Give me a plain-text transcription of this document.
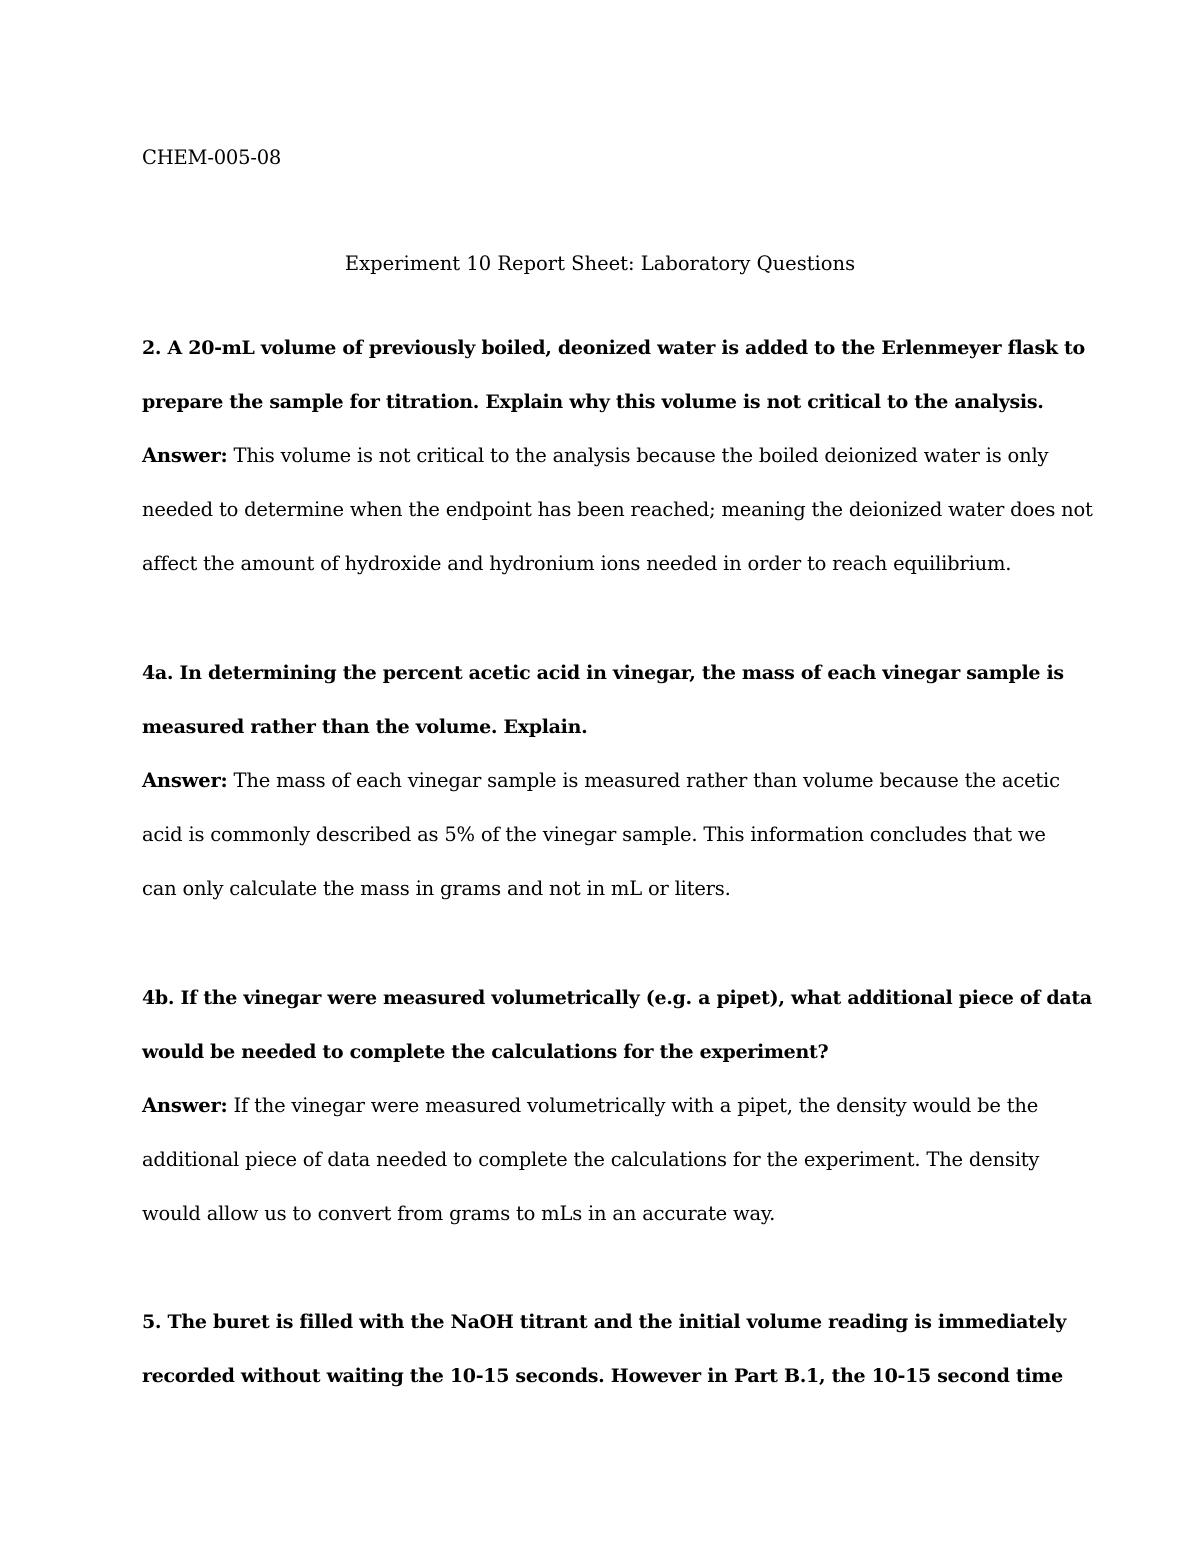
CHEM-005-08
Experiment 10 Report Sheet: Laboratory Questions
2. A 20-mL volume of previously boiled, deonized water is added to the Erlenmeyer flask to
prepare the sample for titration. Explain why this volume is not critical to the analysis.
Answer: This volume is not critical to the analysis because the boiled deionized water is only
needed to determine when the endpoint has been reached; meaning the deionized water does not
affect the amount of hydroxide and hydronium ions needed in order to reach equilibrium.
4a. In determining the percent acetic acid in vinegar, the mass of each vinegar sample is
measured rather than the volume. Explain.
Answer: The mass of each vinegar sample is measured rather than volume because the acetic
acid is commonly described as 5% of the vinegar sample. This information concludes that we
can only calculate the mass in grams and not in mL or liters.
4b. If the vinegar were measured volumetrically (e.g. a pipet), what additional piece of data
would be needed to complete the calculations for the experiment?
Answer: If the vinegar were measured volumetrically with a pipet, the density would be the
additional piece of data needed to complete the calculations for the experiment. The density
would allow us to convert from grams to mLs in an accurate way.
5. The buret is filled with the NaOH titrant and the initial volume reading is immediately
recorded without waiting the 10-15 seconds. However in Part B.1, the 10-15 second time
